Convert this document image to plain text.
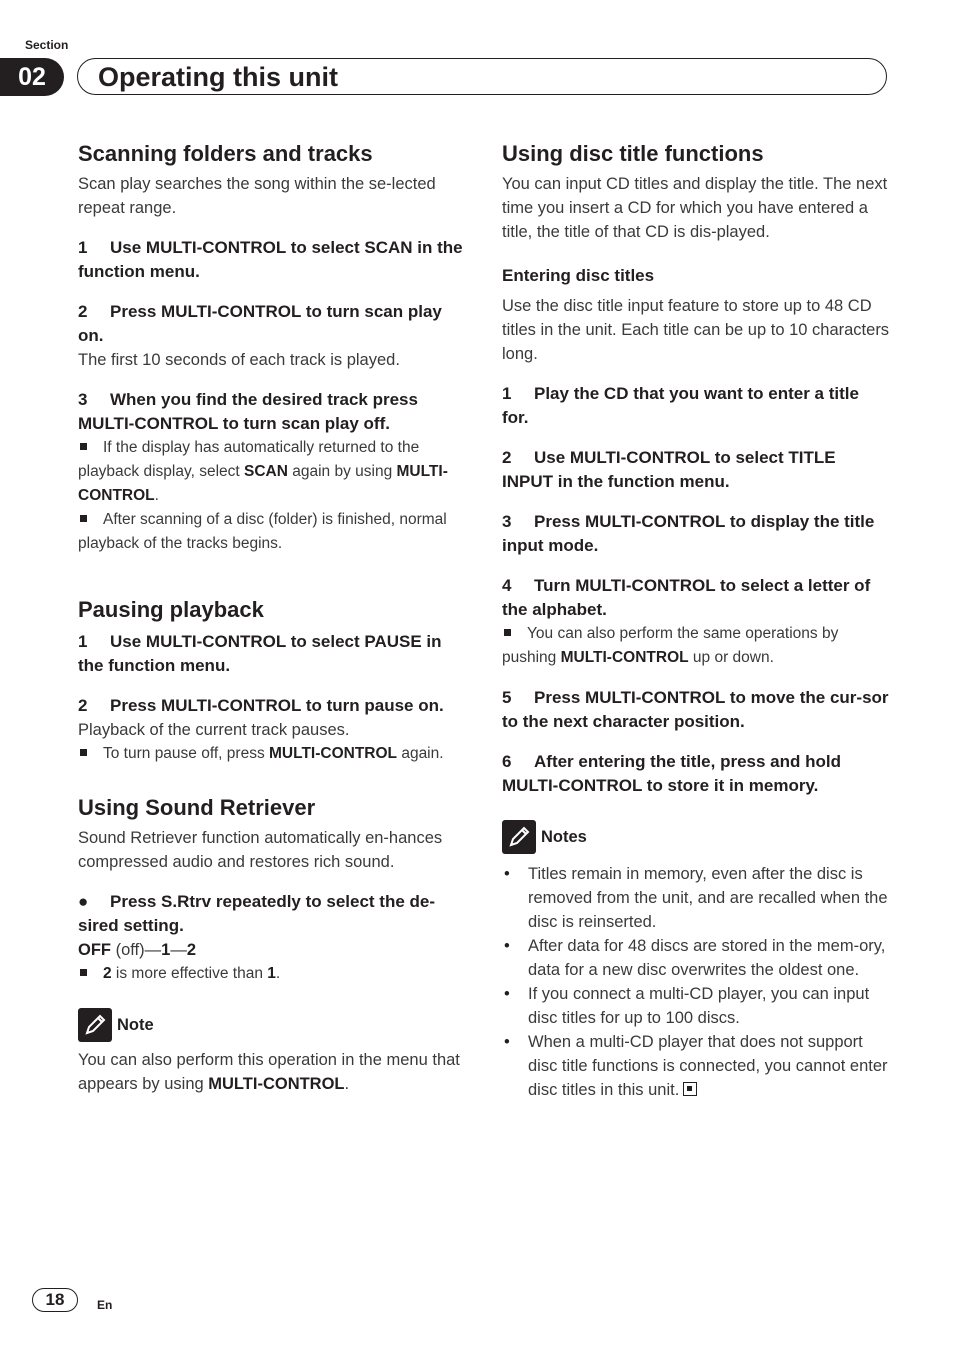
Section
02	Operating this unit
Scanning folders and tracks

Scan play searches the song within the se-lected repeat range.

1 Use MULTI-CONTROL to select SCAN in the function menu.
2 Press MULTI-CONTROL to turn scan play on.

The first 10 seconds of each track is played.

3 When you find the desired track press MULTI-CONTROL to turn scan play off.
If the display has automatically returned to the playback display, select SCAN again by using MULTI-CONTROL.
After scanning of a disc (folder) is finished, normal playback of the tracks begins.
Pausing playback
1 Use MULTI-CONTROL to select PAUSE in the function menu.
2 Press MULTI-CONTROL to turn pause on.

Playback of the current track pauses.

To turn pause off, press MULTI-CONTROL again.
Using Sound Retriever

Sound Retriever function automatically en-hances compressed audio and restores rich sound.

● Press S.Rtrv repeatedly to select the de-sired setting.

OFF (off)—1—2

2 is more effective than 1.
Note

You can also perform this operation in the menu that appears by using MULTI-CONTROL.

Using disc title functions

You can input CD titles and display the title. The next time you insert a CD for which you have entered a title, the title of that CD is dis-played.

Entering disc titles

Use the disc title input feature to store up to 48 CD titles in the unit. Each title can be up to 10 characters long.

1 Play the CD that you want to enter a title for.
2 Use MULTI-CONTROL to select TITLE INPUT in the function menu.
3 Press MULTI-CONTROL to display the title input mode.
4 Turn MULTI-CONTROL to select a letter of the alphabet.
You can also perform the same operations by pushing MULTI-CONTROL up or down.
5 Press MULTI-CONTROL to move the cur-sor to the next character position.
6 After entering the title, press and hold MULTI-CONTROL to store it in memory.
Notes
• Titles remain in memory, even after the disc is removed from the unit, and are recalled when the disc is reinserted.
• After data for 48 discs are stored in the mem-ory, data for a new disc overwrites the oldest one.
• If you connect a multi-CD player, you can input disc titles for up to 100 discs.
• When a multi-CD player that does not support disc title functions is connected, you cannot enter disc titles in this unit.
18	En
